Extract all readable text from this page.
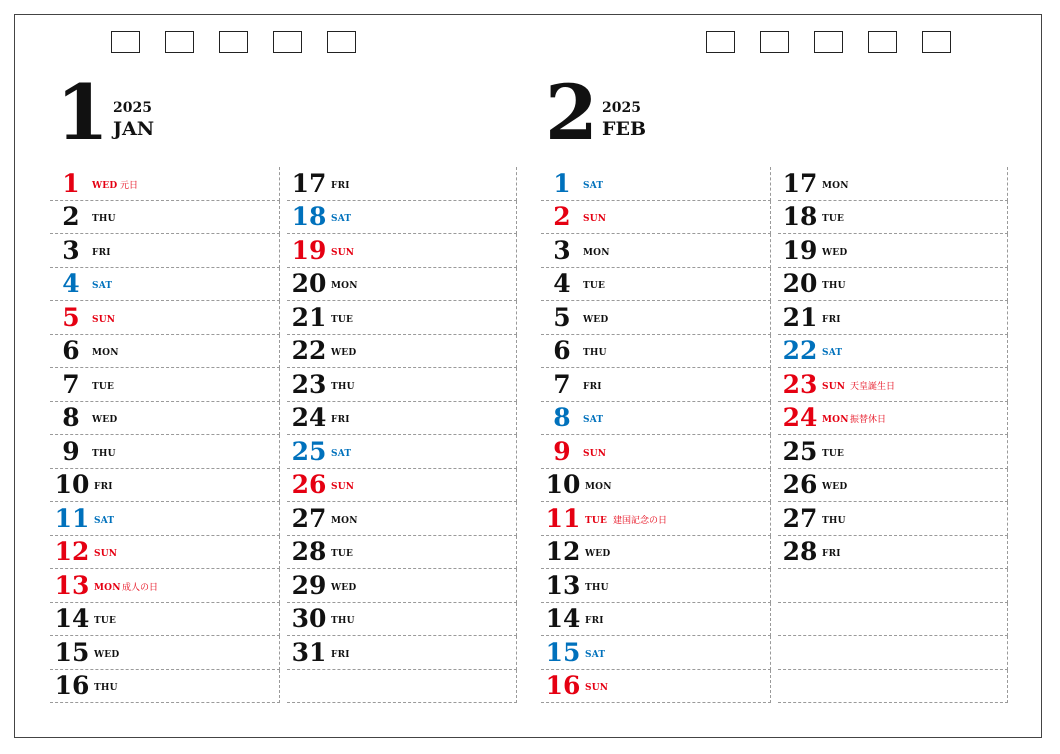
1 2025
JAN	2 2025
FEB
1	WED 元日
2	THU
3	FRI
4	SAT
5	SUN
6	MON
7	TUE
8	WED
9	THU
10 FRI
11 SAT
12 SUN
13 MON 成人の日
14 TUE
15 WED
16 THU
17 FRI
18 SAT
19 SUN
20 MON
21 TUE
22 WED
23 THU
24 FRI
25 SAT
26 SUN
27 MON
28 TUE
29 WED
30 THU
31 FRI
1	SAT
2	SUN
3	MON
4	TUE
5	WED
6	THU
7	FRI
8	SAT
9	SUN
10 MON
11 TUE 建国記念の日
12 WED
13 THU
14 FRI
15 SAT
16 SUN
17 MON
18 TUE
19 WED
20 THU
21 FRI
22 SAT
23 SUN 天皇誕生日
24 MON 振替休日
25 TUE
26 WED
27 THU
28 FRI
